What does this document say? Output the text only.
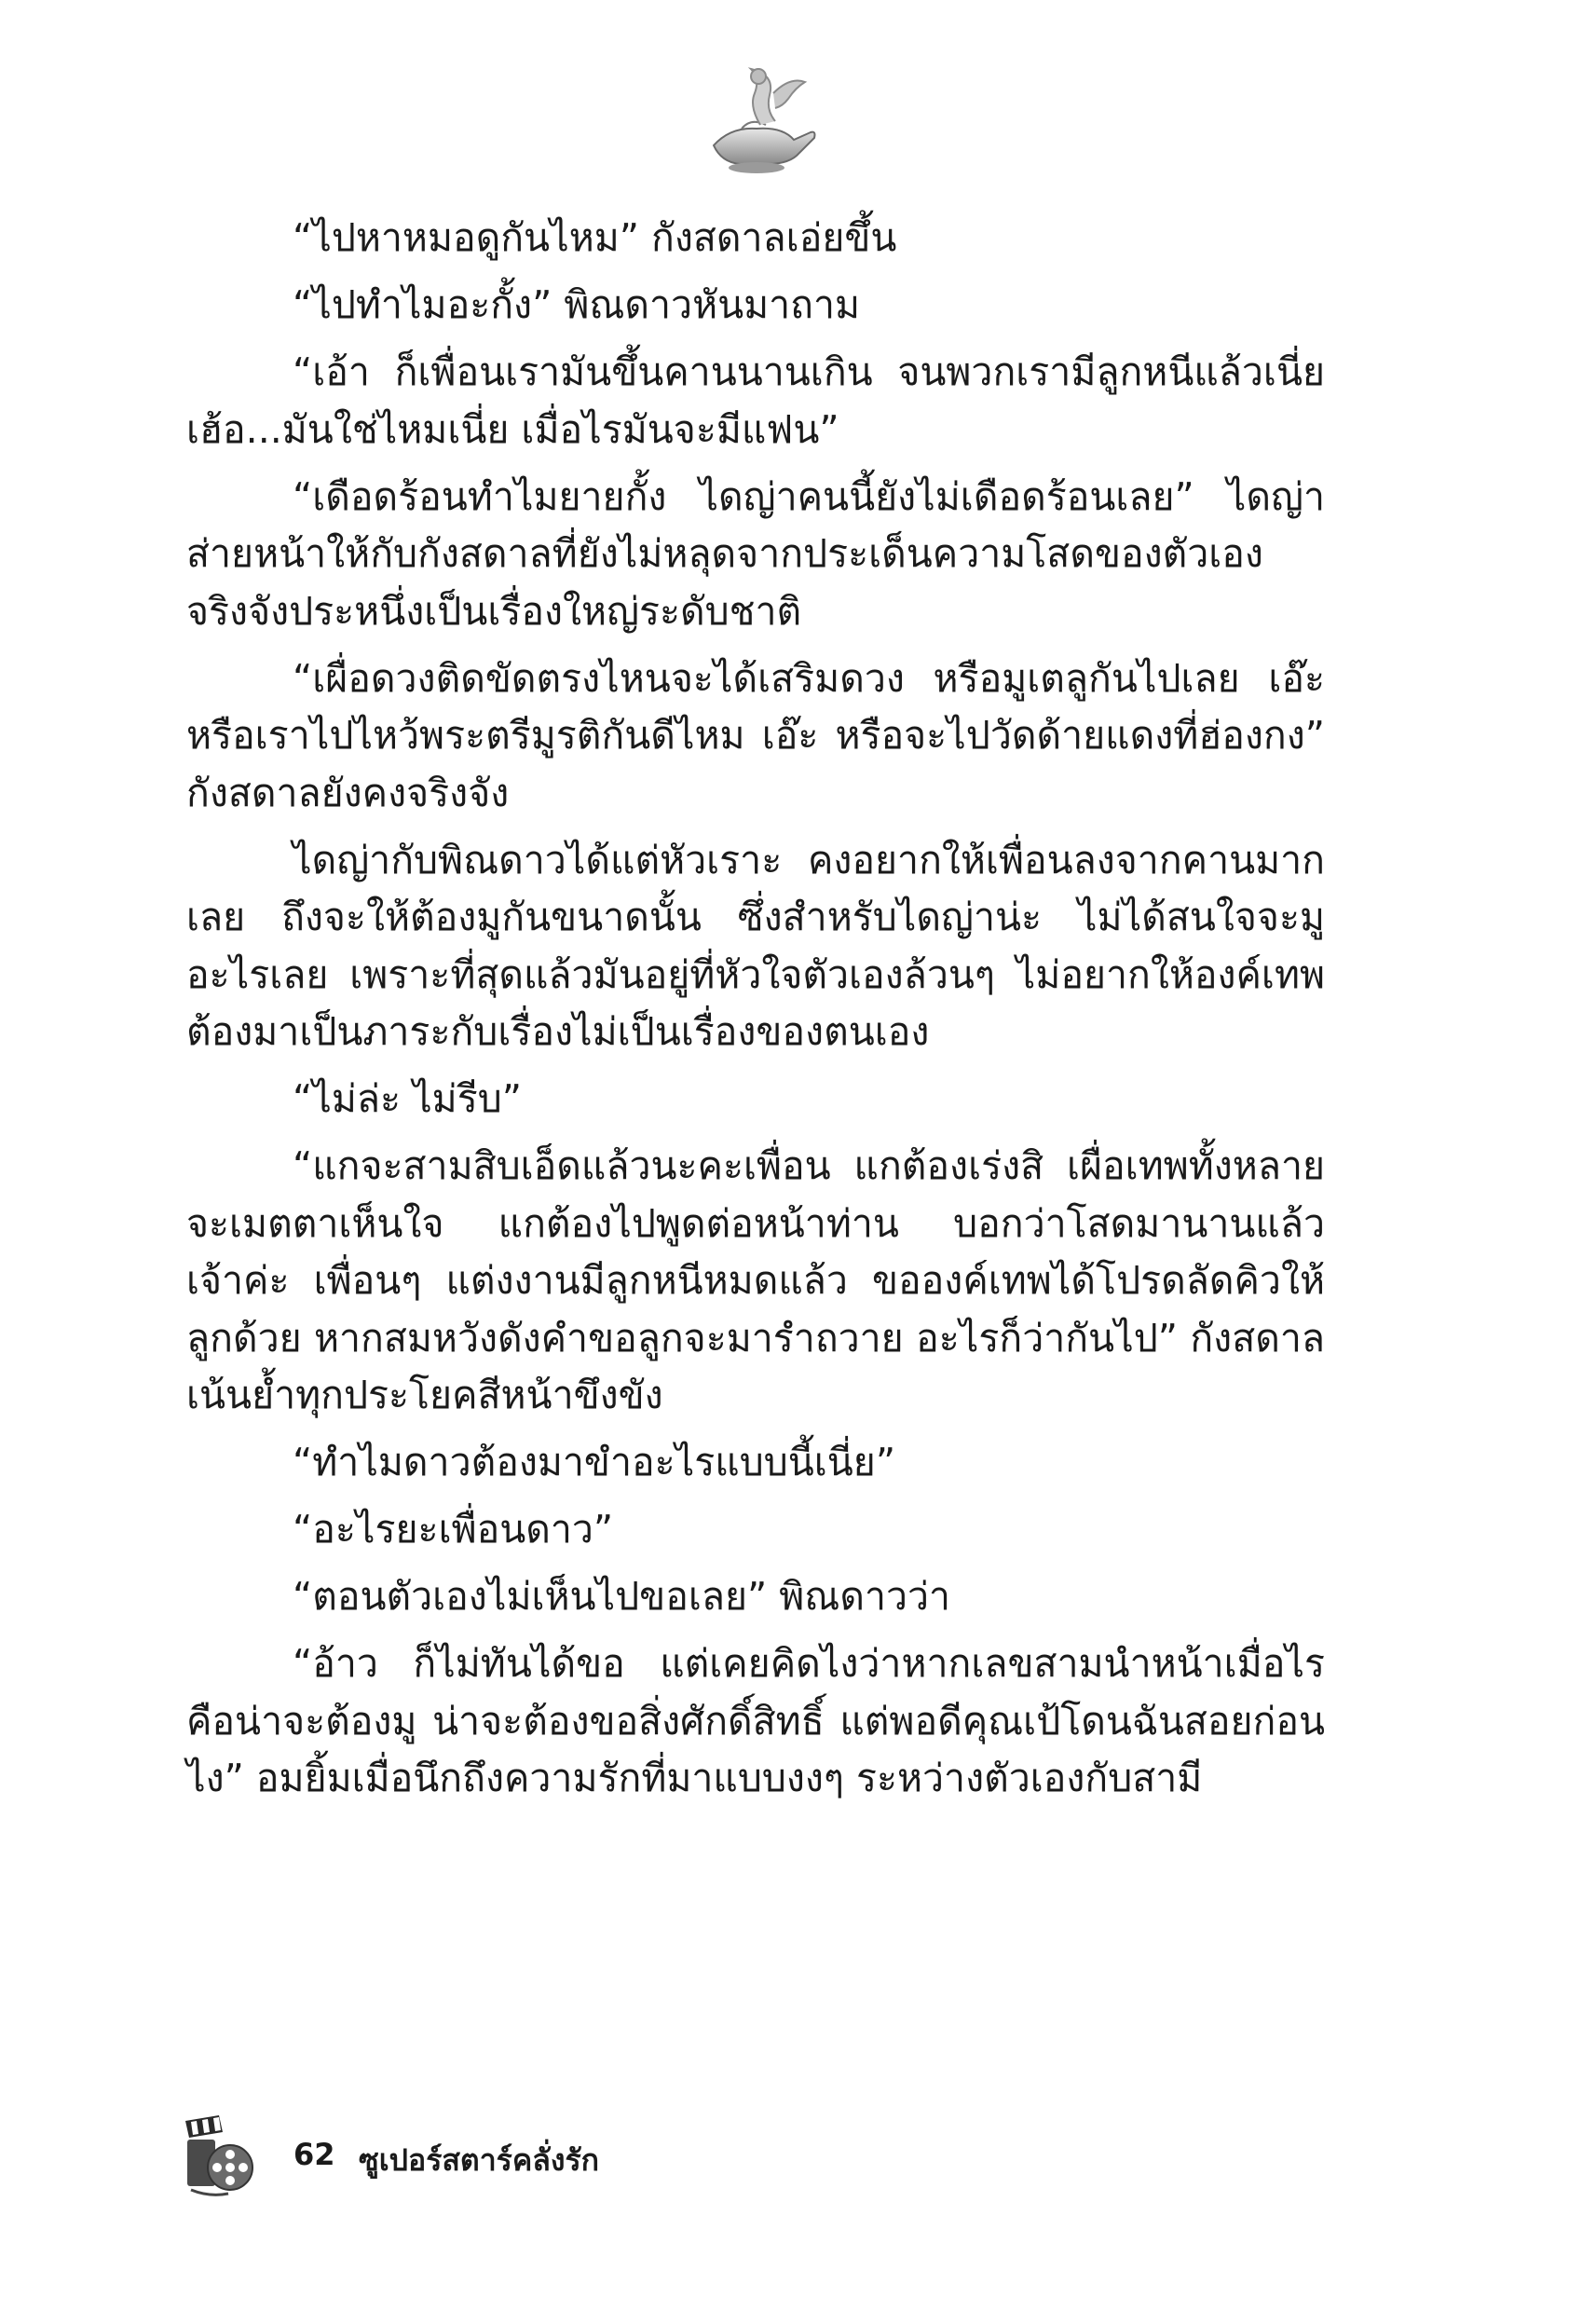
“ไปหาหมอดูกันไหม” กังสดาลเอ่ยขึ้น

“ไปทำไมอะกั้ง” พิณดาวหันมาถาม

“เอ้า ก็เพื่อนเรามันขึ้นคานนานเกิน จนพวกเรามีลูกหนีแล้วเนี่ย เฮ้อ...มันใช่ไหมเนี่ย เมื่อไรมันจะมีแฟน”

“เดือดร้อนทำไมยายกั้ง ไดญ่าคนนี้ยังไม่เดือดร้อนเลย” ไดญ่าส่ายหน้าให้กับกังสดาลที่ยังไม่หลุดจากประเด็นความโสดของตัวเองจริงจังประหนึ่งเป็นเรื่องใหญ่ระดับชาติ

“เผื่อดวงติดขัดตรงไหนจะได้เสริมดวง หรือมูเตลูกันไปเลย เอ๊ะ หรือเราไปไหว้พระตรีมูรติกันดีไหม เอ๊ะ หรือจะไปวัดด้ายแดงที่ฮ่องกง” กังสดาลยังคงจริงจัง

ไดญ่ากับพิณดาวได้แต่หัวเราะ คงอยากให้เพื่อนลงจากคานมากเลย ถึงจะให้ต้องมูกันขนาดนั้น ซึ่งสำหรับไดญ่าน่ะ ไม่ได้สนใจจะมูอะไรเลย เพราะที่สุดแล้วมันอยู่ที่หัวใจตัวเองล้วนๆ ไม่อยากให้องค์เทพต้องมาเป็นภาระกับเรื่องไม่เป็นเรื่องของตนเอง

“ไม่ล่ะ ไม่รีบ”

“แกจะสามสิบเอ็ดแล้วนะคะเพื่อน แกต้องเร่งสิ เผื่อเทพทั้งหลายจะเมตตาเห็นใจ แกต้องไปพูดต่อหน้าท่าน บอกว่าโสดมานานแล้วเจ้าค่ะ เพื่อนๆ แต่งงานมีลูกหนีหมดแล้ว ขอองค์เทพได้โปรดลัดคิวให้ลูกด้วย หากสมหวังดังคำขอลูกจะมารำถวาย อะไรก็ว่ากันไป” กังสดาลเน้นย้ำทุกประโยคสีหน้าขึงขัง

“ทำไมดาวต้องมาขำอะไรแบบนี้เนี่ย”

“อะไรยะเพื่อนดาว”

“ตอนตัวเองไม่เห็นไปขอเลย” พิณดาวว่า

“อ้าว ก็ไม่ทันได้ขอ แต่เคยคิดไงว่าหากเลขสามนำหน้าเมื่อไรคือน่าจะต้องมู น่าจะต้องขอสิ่งศักดิ์สิทธิ์ แต่พอดีคุณเป้โดนฉันสอยก่อนไง” อมยิ้มเมื่อนึกถึงความรักที่มาแบบงงๆ ระหว่างตัวเองกับสามี

62 ซูเปอร์สตาร์คลั่งรัก
